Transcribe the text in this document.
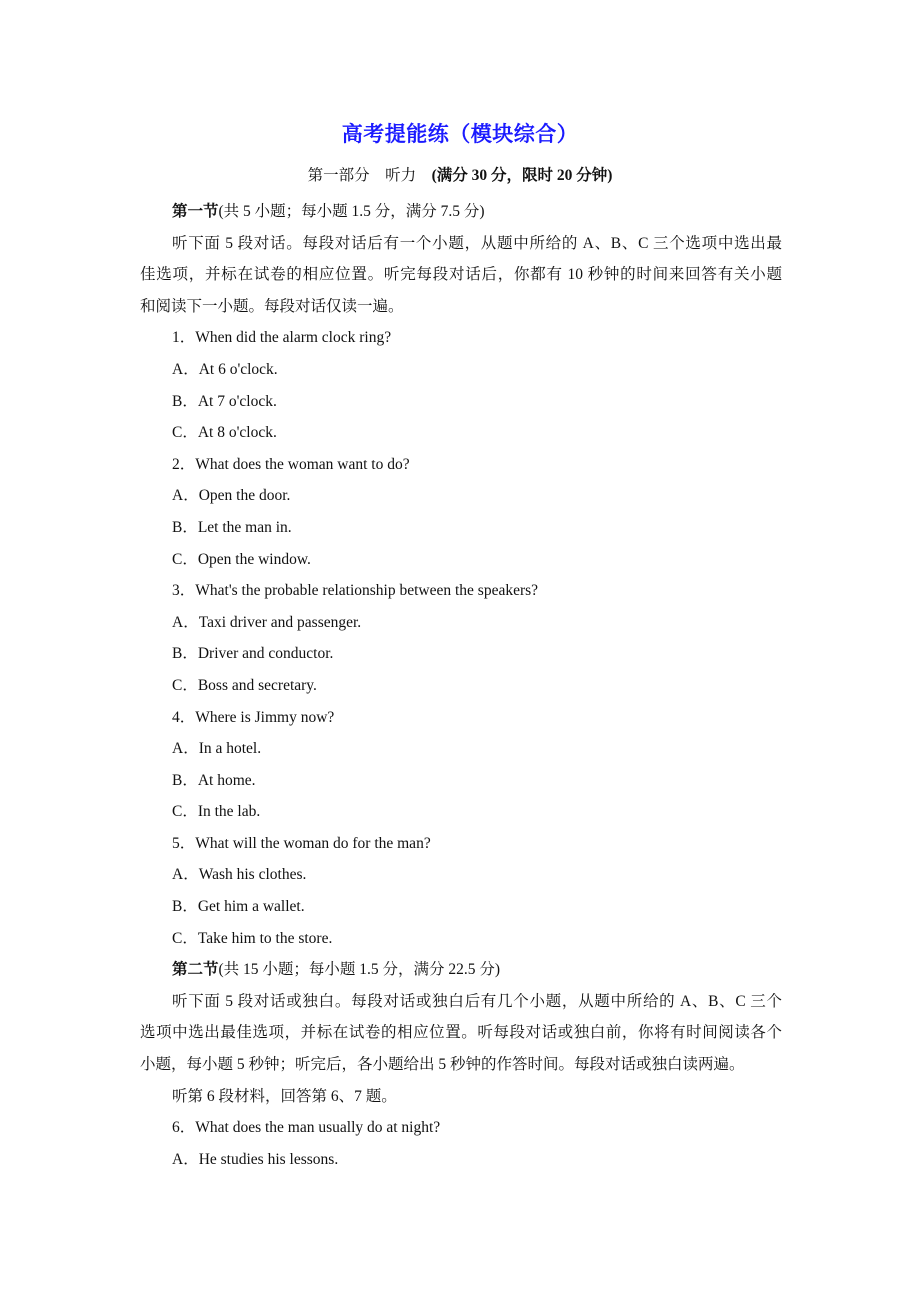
高考提能练（模块综合）
第一部分　听力　 (满分 30 分，限时 20 分钟)
第一节(共 5 小题；每小题 1.5 分，满分 7.5 分)
听下面 5 段对话。每段对话后有一个小题，从题中所给的 A、B、C 三个选项中选出最
佳选项，并标在试卷的相应位置。听完每段对话后，你都有 10 秒钟的时间来回答有关小题
和阅读下一小题。每段对话仅读一遍。
1．When did the alarm clock ring?
A．At 6 o'clock.
B．At 7 o'clock.
C．At 8 o'clock.
2．What does the woman want to do?
A．Open the door.
B．Let the man in.
C．Open the window.
3．What's the probable relationship between the speakers?
A．Taxi driver and passenger.
B．Driver and conductor.
C．Boss and secretary.
4．Where is Jimmy now?
A．In a hotel.
B．At home.
C．In the lab.
5．What will the woman do for the man?
A．Wash his clothes.
B．Get him a wallet.
C．Take him to the store.
第二节(共 15 小题；每小题 1.5 分，满分 22.5 分)
听下面 5 段对话或独白。每段对话或独白后有几个小题，从题中所给的 A、B、C 三个
选项中选出最佳选项，并标在试卷的相应位置。听每段对话或独白前，你将有时间阅读各个
小题，每小题 5 秒钟；听完后，各小题给出 5 秒钟的作答时间。每段对话或独白读两遍。
听第 6 段材料，回答第 6、7 题。
6．What does the man usually do at night?
A．He studies his lessons.
